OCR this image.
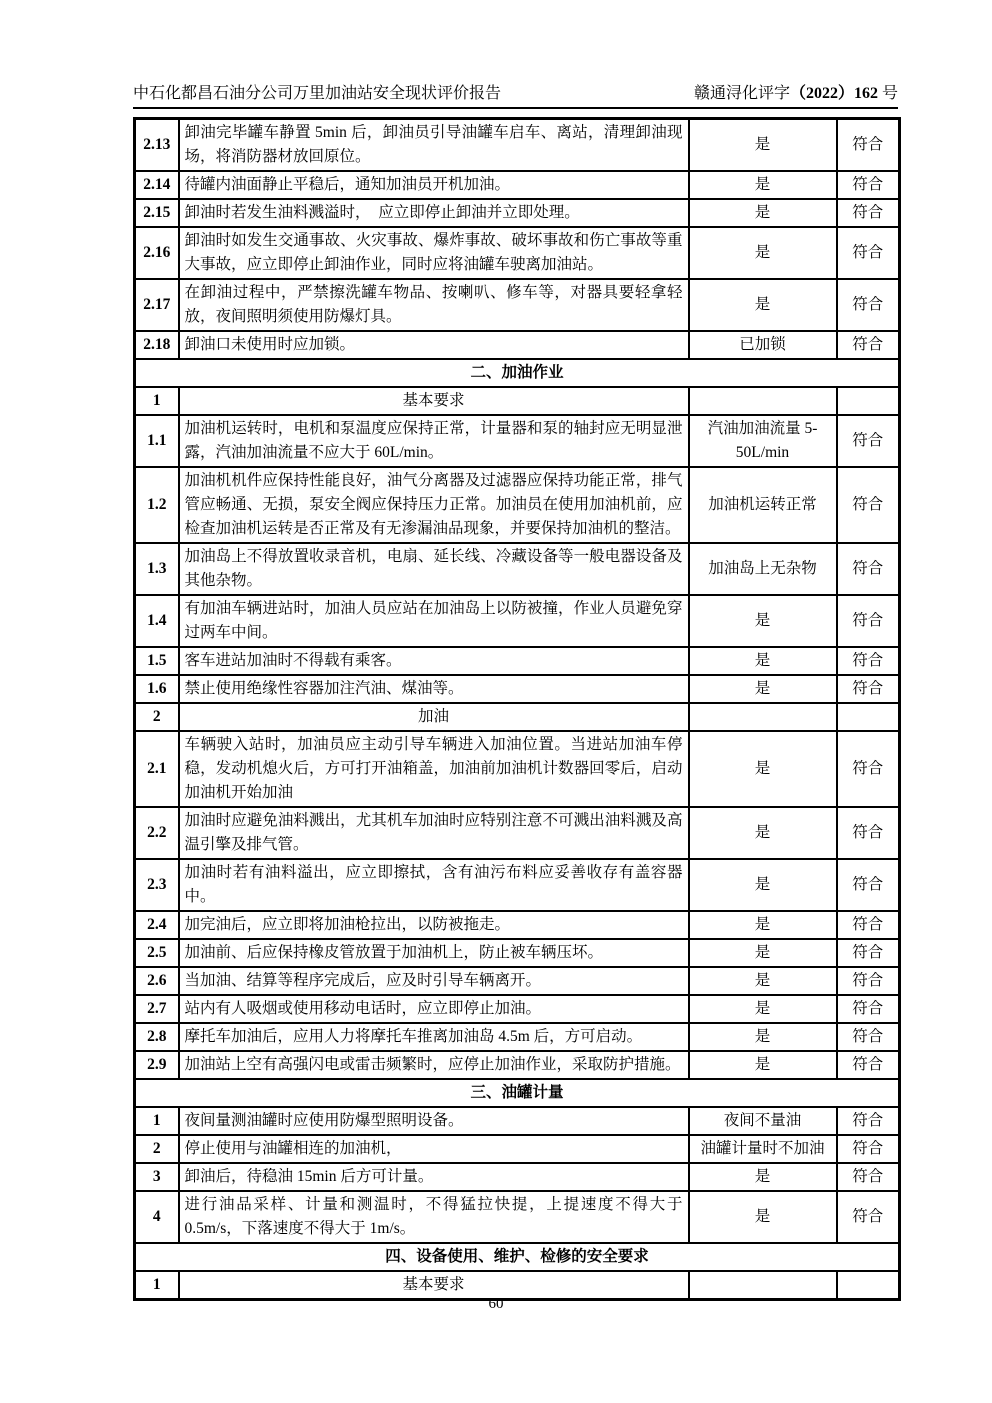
中石化都昌石油分公司万里加油站安全现状评价报告	赣通浔化评字（2022）162 号
2.13	卸油完毕罐车静置 5min 后，卸油员引导油罐车启车、离站，清理卸油现场，将消防器材放回原位。	是	符合
2.14	待罐内油面静止平稳后，通知加油员开机加油。	是	符合
2.15	卸油时若发生油料溅溢时，　应立即停止卸油并立即处理。	是	符合
2.16	卸油时如发生交通事故、火灾事故、爆炸事故、破坏事故和伤亡事故等重大事故，应立即停止卸油作业，同时应将油罐车驶离加油站。	是	符合
2.17	在卸油过程中，严禁擦洗罐车物品、按喇叭、修车等，对器具要轻拿轻放，夜间照明须使用防爆灯具。	是	符合
2.18	卸油口未使用时应加锁。	已加锁	符合
二、加油作业			
1	基本要求		
1.1	加油机运转时，电机和泵温度应保持正常，计量器和泵的轴封应无明显泄露，汽油加油流量不应大于 60L/min。	汽油加油流量 5-50L/min	符合
1.2	加油机机件应保持性能良好，油气分离器及过滤器应保持功能正常，排气管应畅通、无损，泵安全阀应保持压力正常。加油员在使用加油机前，应检查加油机运转是否正常及有无渗漏油品现象，并要保持加油机的整洁。	加油机运转正常	符合
1.3	加油岛上不得放置收录音机，电扇、延长线、冷藏设备等一般电器设备及其他杂物。	加油岛上无杂物	符合
1.4	有加油车辆进站时，加油人员应站在加油岛上以防被撞，作业人员避免穿过两车中间。	是	符合
1.5	客车进站加油时不得载有乘客。	是	符合
1.6	禁止使用绝缘性容器加注汽油、煤油等。	是	符合
2	加油		
2.1	车辆驶入站时，加油员应主动引导车辆进入加油位置。当进站加油车停稳，发动机熄火后，方可打开油箱盖，加油前加油机计数器回零后，启动加油机开始加油	是	符合
2.2	加油时应避免油料溅出，尤其机车加油时应特别注意不可溅出油料溅及高温引擎及排气管。	是	符合
2.3	加油时若有油料溢出，应立即擦拭，含有油污布料应妥善收存有盖容器中。	是	符合
2.4	加完油后，应立即将加油枪拉出，以防被拖走。	是	符合
2.5	加油前、后应保持橡皮管放置于加油机上，防止被车辆压坏。	是	符合
2.6	当加油、结算等程序完成后，应及时引导车辆离开。	是	符合
2.7	站内有人吸烟或使用移动电话时，应立即停止加油。	是	符合
2.8	摩托车加油后，应用人力将摩托车推离加油岛 4.5m 后，方可启动。	是	符合
2.9	加油站上空有高强闪电或雷击频繁时，应停止加油作业，采取防护措施。	是	符合
三、油罐计量			
1	夜间量测油罐时应使用防爆型照明设备。	夜间不量油	符合
2	停止使用与油罐相连的加油机，	油罐计量时不加油	符合
3	卸油后，待稳油 15min 后方可计量。	是	符合
4	进行油品采样、计量和测温时，不得猛拉快提，上提速度不得大于 0.5m/s，下落速度不得大于 1m/s。	是	符合
四、设备使用、维护、检修的安全要求			
1	基本要求		
60
